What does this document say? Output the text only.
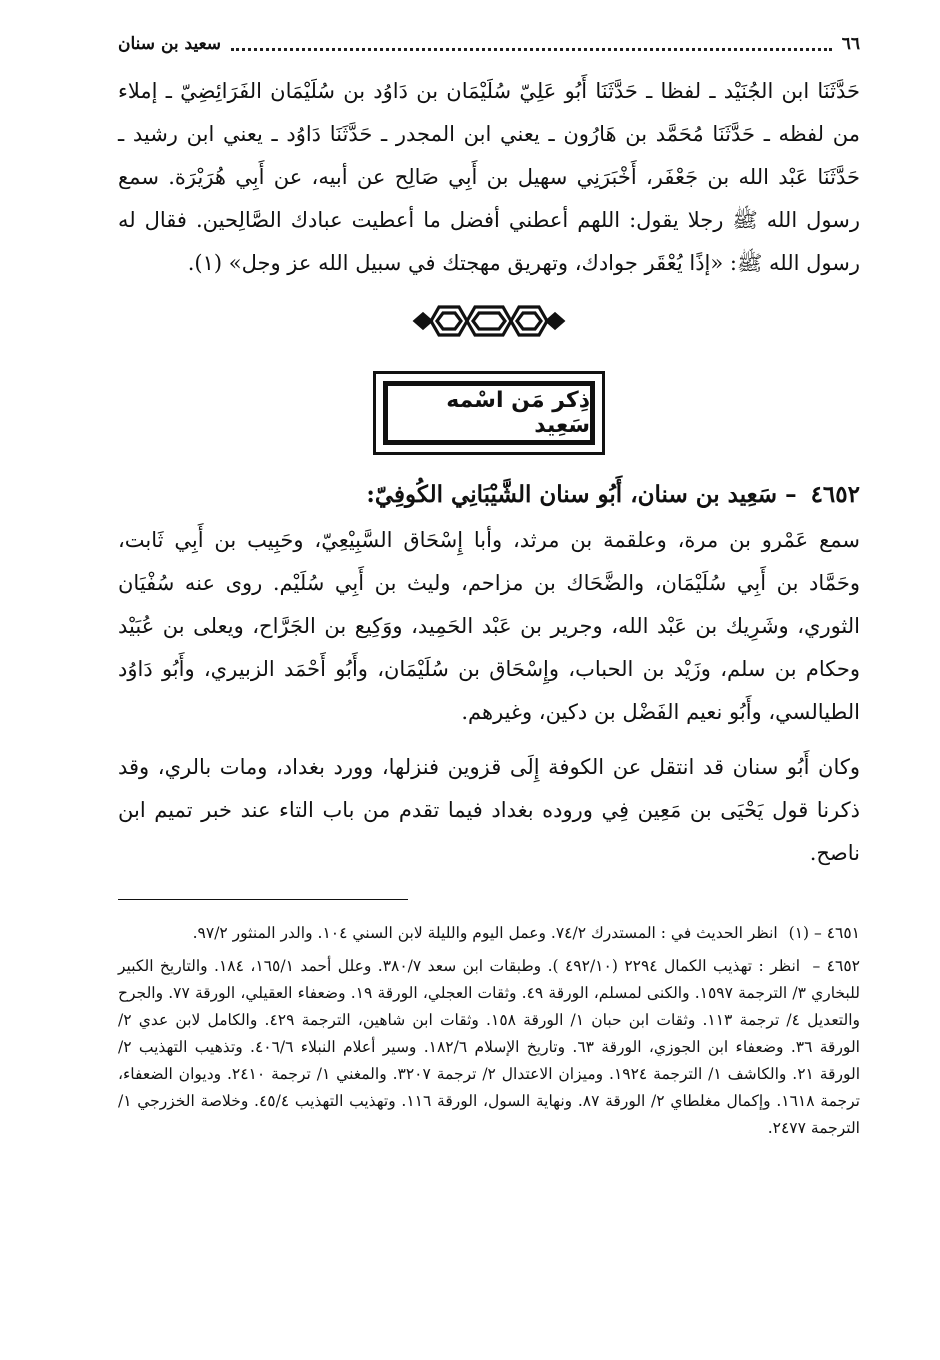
٦٦
سعيد بن سنان

حَدَّثَنَا ابن الجُنَيْد ـ لفظا ـ حَدَّثَنَا أَبُو عَلِيّ سُلَيْمَان بن دَاوُد بن سُلَيْمَان الفَرَائِضِيّ ـ إملاء من لفظه ـ حَدَّثَنَا مُحَمَّد بن هَارُون ـ يعني ابن المجدر ـ حَدَّثَنَا دَاوُد ـ يعني ابن رشيد ـ حَدَّثَنَا عَبْد الله بن جَعْفَر، أَخْبَرَنِي سهيل بن أَبِي صَالِح عن أبيه، عن أَبِي هُرَيْرَة. سمع رسول الله ﷺ رجلا يقول: اللهم أعطني أفضل ما أعطيت عبادك الصَّالِحين. فقال له رسول الله ﷺ: «إذًا يُعْقَر جوادك، وتهريق مهجتك في سبيل الله عز وجل» (١).

ذِكر مَن اسْمه سَعِيد
٤٦٥٢ – سَعِيد بن سنان، أَبُو سنان الشَّيْبَانِي الكُوفِيّ:

سمع عَمْرو بن مرة، وعلقمة بن مرثد، وأبا إِسْحَاق السَّبِيْعِيّ، وحَبِيب بن أَبِي ثَابت، وحَمَّاد بن أَبِي سُلَيْمَان، والضَّحَاك بن مزاحم، وليث بن أَبِي سُلَيْم. روى عنه سُفْيَان الثوري، وشَرِيك بن عَبْد الله، وجرير بن عَبْد الحَمِيد، ووَكِيع بن الجَرَّاح، ويعلى بن عُبَيْد وحكام بن سلم، وزَيْد بن الحباب، وإِسْحَاق بن سُلَيْمَان، وأَبُو أَحْمَد الزبيري، وأَبُو دَاوُد الطيالسي، وأَبُو نعيم الفَضْل بن دكين، وغيرهم.

وكان أَبُو سنان قد انتقل عن الكوفة إِلَى قزوين فنزلها، وورد بغداد، ومات بالري، وقد ذكرنا قول يَحْيَى بن مَعِين فِي وروده بغداد فيما تقدم من باب التاء عند خبر تميم ابن ناصح.

٤٦٥١ – (١) انظر الحديث في : المستدرك ٧٤/٢. وعمل اليوم والليلة لابن السني ١٠٤. والدر المنثور ٩٧/٢.

٤٦٥٢ – انظر : تهذيب الكمال ٢٢٩٤ (٤٩٢/١٠ ). وطبقات ابن سعد ٣٨٠/٧. وعلل أحمد ١٦٥/١، ١٨٤. والتاريخ الكبير للبخاري ٣/ الترجمة ١٥٩٧. والكنى لمسلم، الورقة ٤٩. وثقات العجلي، الورقة ١٩. وضعفاء العقيلي، الورقة ٧٧. والجرح والتعديل ٤/ ترجمة ١١٣. وثقات ابن حبان ١/ الورقة ١٥٨. وثقات ابن شاهين، الترجمة ٤٢٩. والكامل لابن عدي ٢/ الورقة ٣٦. وضعفاء ابن الجوزي، الورقة ٦٣. وتاريخ الإسلام ١٨٢/٦. وسير أعلام النبلاء ٤٠٦/٦. وتذهيب التهذيب ٢/ الورقة ٢١. والكاشف ١/ الترجمة ١٩٢٤. وميزان الاعتدال ٢/ ترجمة ٣٢٠٧. والمغني ١/ ترجمة ٢٤١٠. وديوان الضعفاء، ترجمة ١٦١٨. وإكمال مغلطاي ٢/ الورقة ٨٧. ونهاية السول، الورقة ١١٦. وتهذيب التهذيب ٤٥/٤. وخلاصة الخزرجي ١/ الترجمة ٢٤٧٧.
